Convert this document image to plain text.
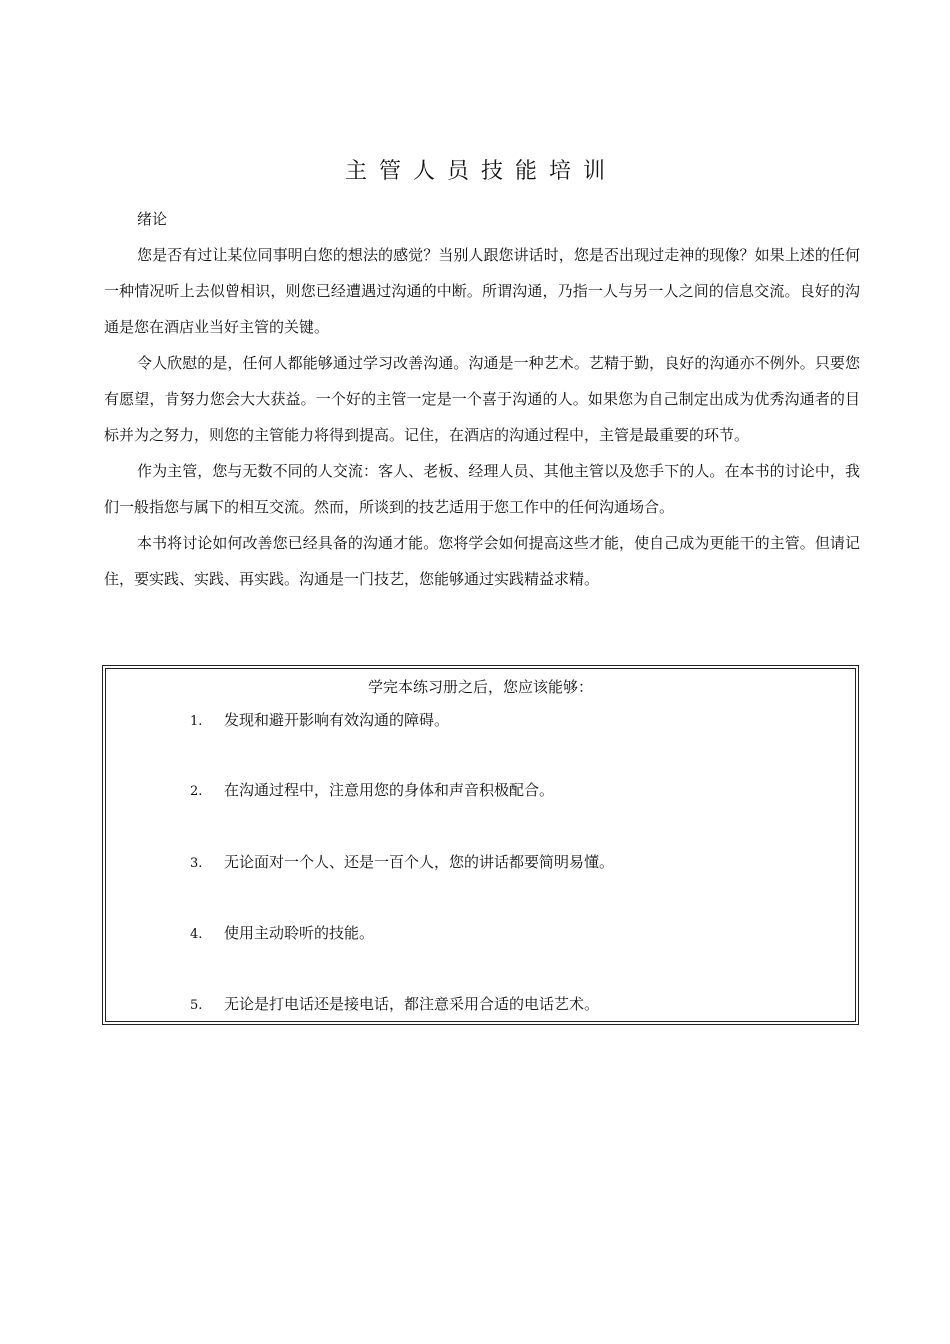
主管人员技能培训

绪论

您是否有过让某位同事明白您的想法的感觉？当别人跟您讲话时，您是否出现过走神的现像？如果上述的任何一种情况听上去似曾相识，则您已经遭遇过沟通的中断。所谓沟通，乃指一人与另一人之间的信息交流。良好的沟通是您在酒店业当好主管的关键。

令人欣慰的是，任何人都能够通过学习改善沟通。沟通是一种艺术。艺精于勤，良好的沟通亦不例外。只要您有愿望，肯努力您会大大获益。一个好的主管一定是一个喜于沟通的人。如果您为自己制定出成为优秀沟通者的目标并为之努力，则您的主管能力将得到提高。记住，在酒店的沟通过程中，主管是最重要的环节。

作为主管，您与无数不同的人交流：客人、老板、经理人员、其他主管以及您手下的人。在本书的讨论中，我们一般指您与属下的相互交流。然而，所谈到的技艺适用于您工作中的任何沟通场合。

本书将讨论如何改善您已经具备的沟通才能。您将学会如何提高这些才能，使自己成为更能干的主管。但请记住，要实践、实践、再实践。沟通是一门技艺，您能够通过实践精益求精。

学完本练习册之后，您应该能够：
1. 发现和避开影响有效沟通的障碍。
2. 在沟通过程中，注意用您的身体和声音积极配合。
3. 无论面对一个人、还是一百个人，您的讲话都要简明易懂。
4. 使用主动聆听的技能。
5. 无论是打电话还是接电话，都注意采用合适的电话艺术。
